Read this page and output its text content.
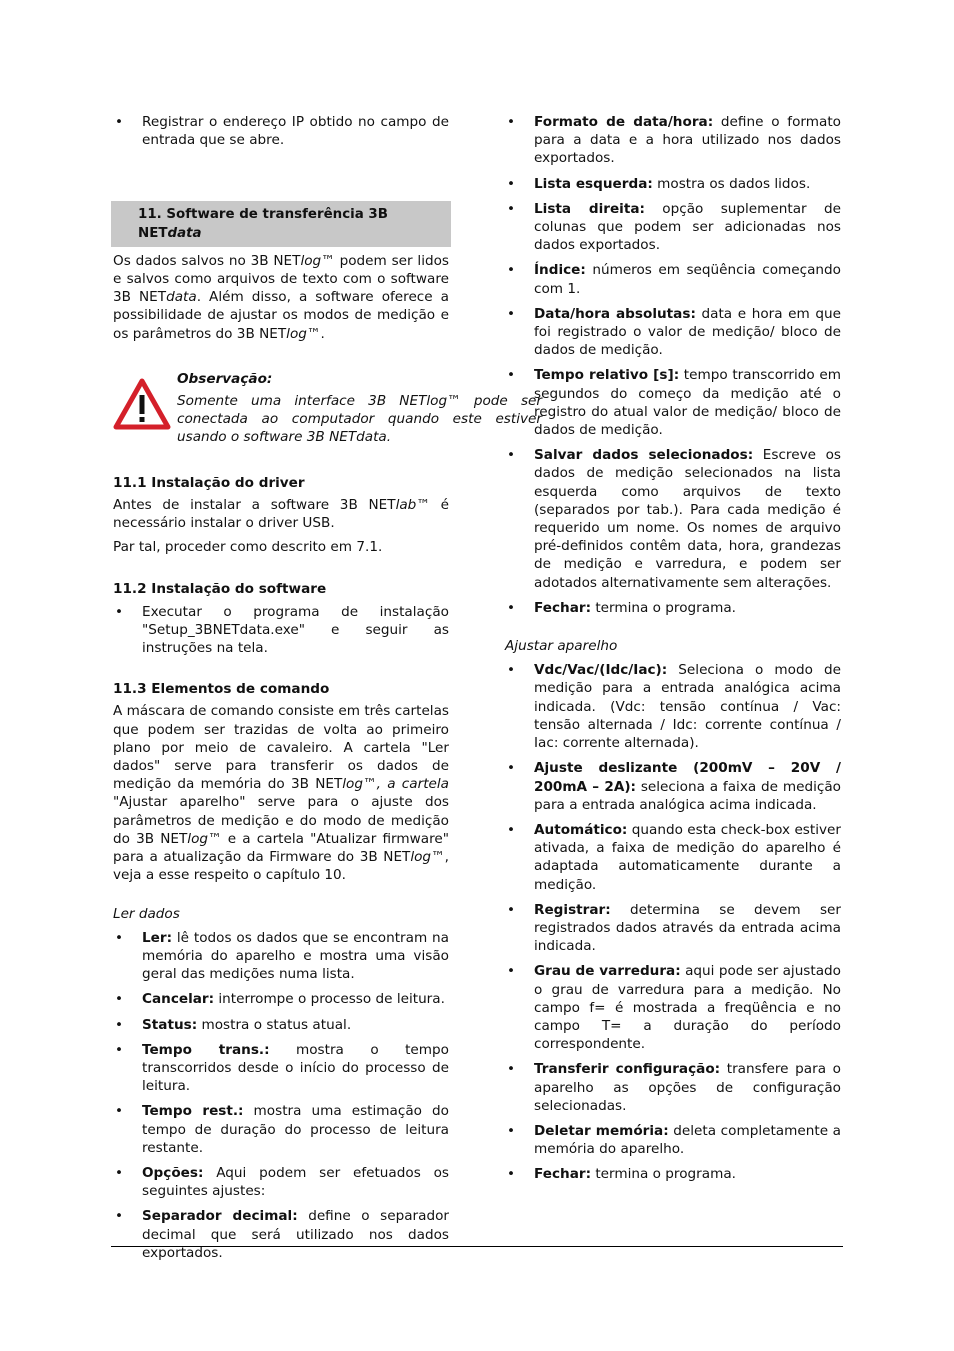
• Registrar o endereço IP obtido no campo de entrada que se abre.
11. Software de transferência 3B NETdata

Os dados salvos no 3B NETlog™ podem ser lidos e salvos como arquivos de texto com o software 3B NETdata. Além disso, a software oferece a possibilidade de ajustar os modos de medição e os parâmetros do 3B NETlog™.

Observação:

Somente uma interface 3B NETlog™ pode ser conectada ao computador quando este estiver usando o software 3B NETdata.

11.1 Instalação do driver

Antes de instalar a software 3B NETlab™ é necessário instalar o driver USB.

Par tal, proceder como descrito em 7.1.

11.2 Instalação do software
• Executar o programa de instalação "Setup_3BNETdata.exe" e seguir as instruções na tela.
11.3 Elementos de comando

A máscara de comando consiste em três cartelas que podem ser trazidas de volta ao primeiro plano por meio de cavaleiro. A cartela "Ler dados" serve para transferir os dados de medição da memória do 3B NETlog™, a cartela "Ajustar aparelho" serve para o ajuste dos parâmetros de medição e do modo de medição do 3B NETlog™ e a cartela "Atualizar firmware" para a atualização da Firmware do 3B NETlog™, veja a esse respeito o capítulo 10.

Ler dados
• Ler: lê todos os dados que se encontram na memória do aparelho e mostra uma visão geral das medições numa lista.
• Cancelar: interrompe o processo de leitura.
• Status: mostra o status atual.
• Tempo trans.: mostra o tempo transcorridos desde o início do processo de leitura.
• Tempo rest.: mostra uma estimação do tempo de duração do processo de leitura restante.
• Opções: Aqui podem ser efetuados os seguintes ajustes:
• Separador decimal: define o separador decimal que será utilizado nos dados exportados.
• Formato de data/hora: define o formato para a data e a hora utilizado nos dados exportados.
• Lista esquerda: mostra os dados lidos.
• Lista direita: opção suplementar de colunas que podem ser adicionadas nos dados exportados.
• Índice: números em seqüência começando com 1.
• Data/hora absolutas: data e hora em que foi registrado o valor de medição/ bloco de dados de medição.
• Tempo relativo [s]: tempo transcorrido em segundos do começo da medição até o registro do atual valor de medição/ bloco de dados de medição.
• Salvar dados selecionados: Escreve os dados de medição selecionados na lista esquerda como arquivos de texto (separados por tab.). Para cada medição é requerido um nome. Os nomes de arquivo pré-definidos contêm data, hora, grandezas de medição e varredura, e podem ser adotados alternativamente sem alterações.
• Fechar: termina o programa.
Ajustar aparelho
• Vdc/Vac/(Idc/Iac): Seleciona o modo de medição para a entrada analógica acima indicada. (Vdc: tensão contínua / Vac: tensão alternada / Idc: corrente contínua / Iac: corrente alternada).
• Ajuste deslizante (200mV – 20V / 200mA – 2A): seleciona a faixa de medição para a entrada analógica acima indicada.
• Automático: quando esta check-box estiver ativada, a faixa de medição do aparelho é adaptada automaticamente durante a medição.
• Registrar: determina se devem ser registrados dados através da entrada acima indicada.
• Grau de varredura: aqui pode ser ajustado o grau de varredura para a medição. No campo f= é mostrada a freqüência e no campo T= a duração do período correspondente.
• Transferir configuração: transfere para o aparelho as opções de configuração selecionadas.
• Deletar memória: deleta completamente a memória do aparelho.
• Fechar: termina o programa.
